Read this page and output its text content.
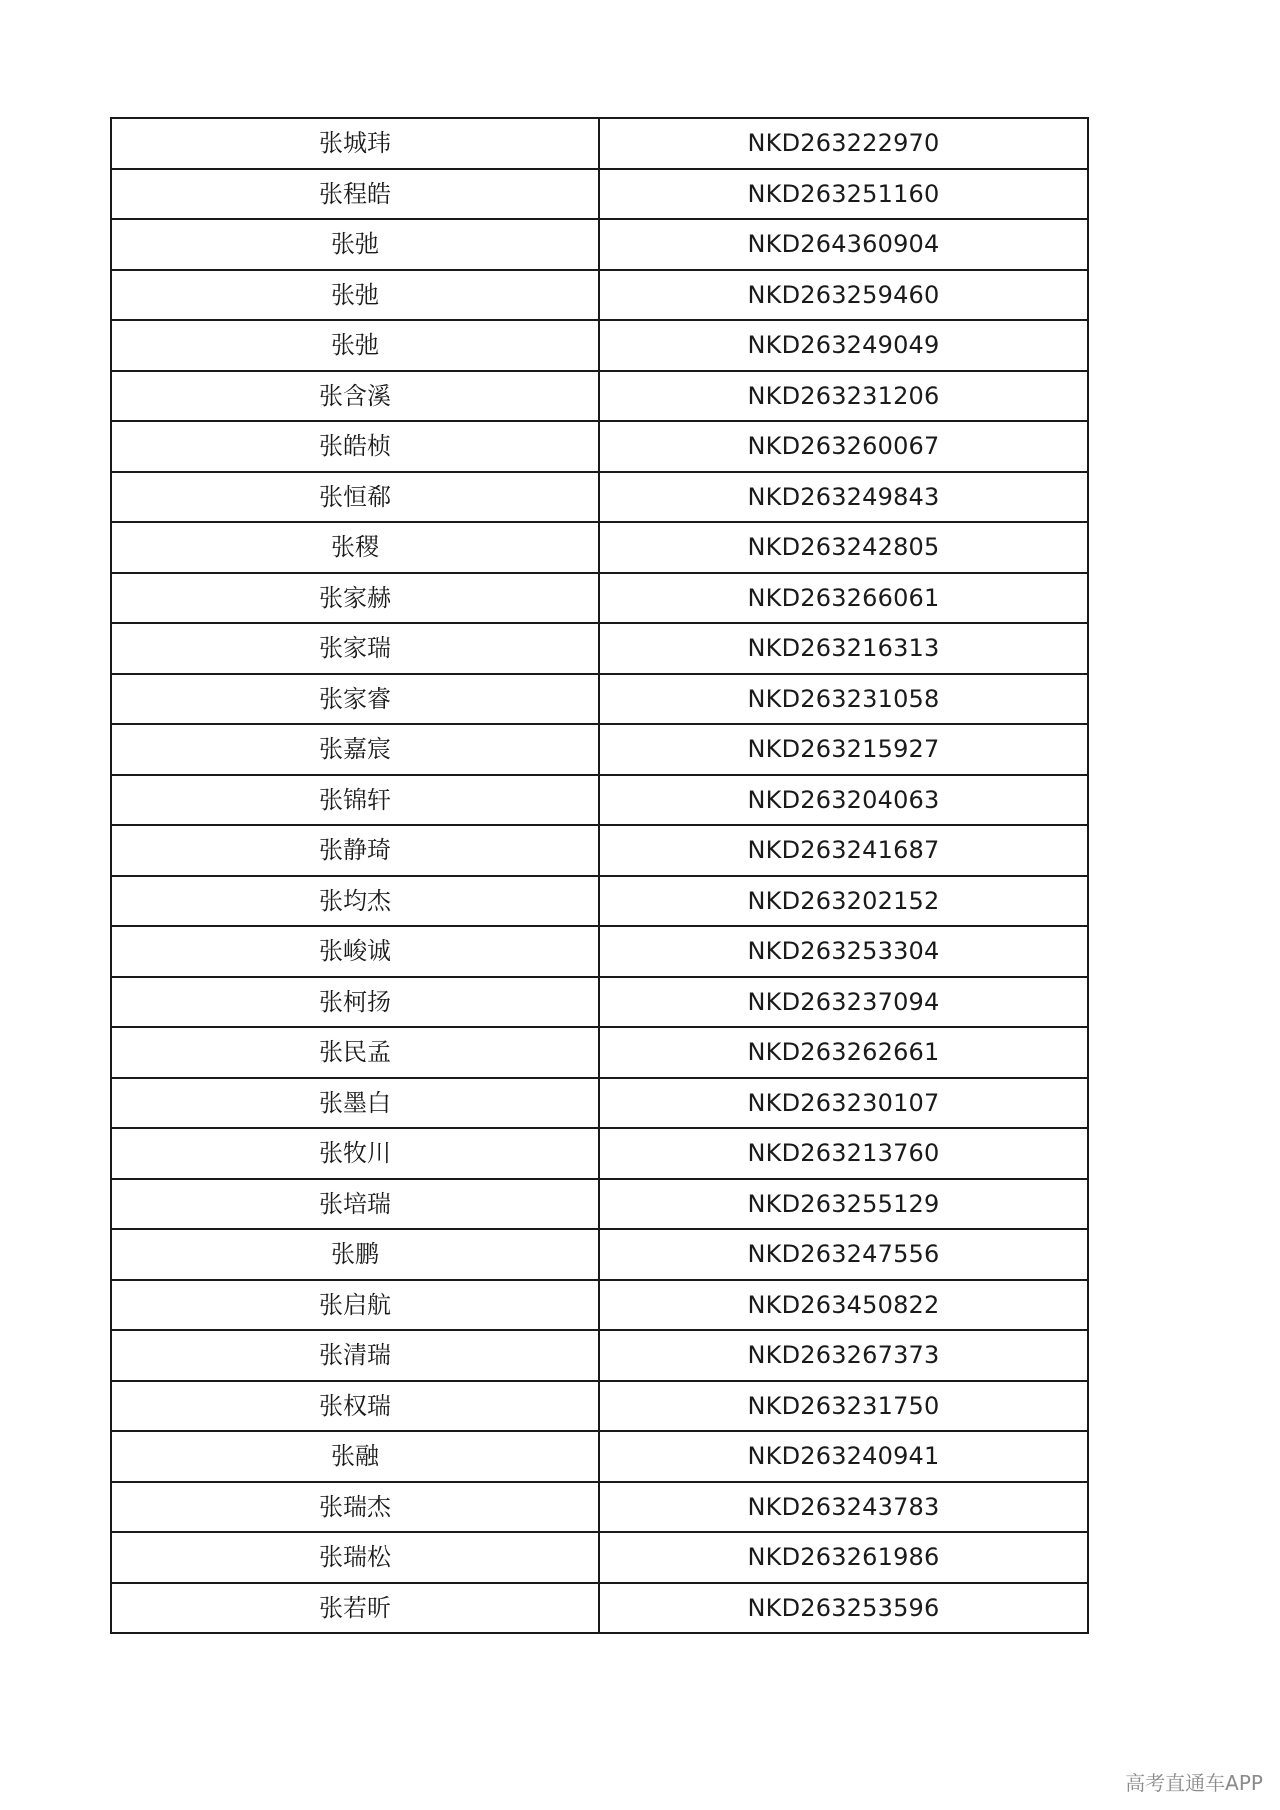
张城玮	NKD263222970
张程皓	NKD263251160
张弛	NKD264360904
张弛	NKD263259460
张弛	NKD263249049
张含溪	NKD263231206
张皓桢	NKD263260067
张恒郗	NKD263249843
张稷	NKD263242805
张家赫	NKD263266061
张家瑞	NKD263216313
张家睿	NKD263231058
张嘉宸	NKD263215927
张锦轩	NKD263204063
张静琦	NKD263241687
张均杰	NKD263202152
张峻诚	NKD263253304
张柯扬	NKD263237094
张民孟	NKD263262661
张墨白	NKD263230107
张牧川	NKD263213760
张培瑞	NKD263255129
张鹏	NKD263247556
张启航	NKD263450822
张清瑞	NKD263267373
张权瑞	NKD263231750
张融	NKD263240941
张瑞杰	NKD263243783
张瑞松	NKD263261986
张若昕	NKD263253596
高考直通车APP
